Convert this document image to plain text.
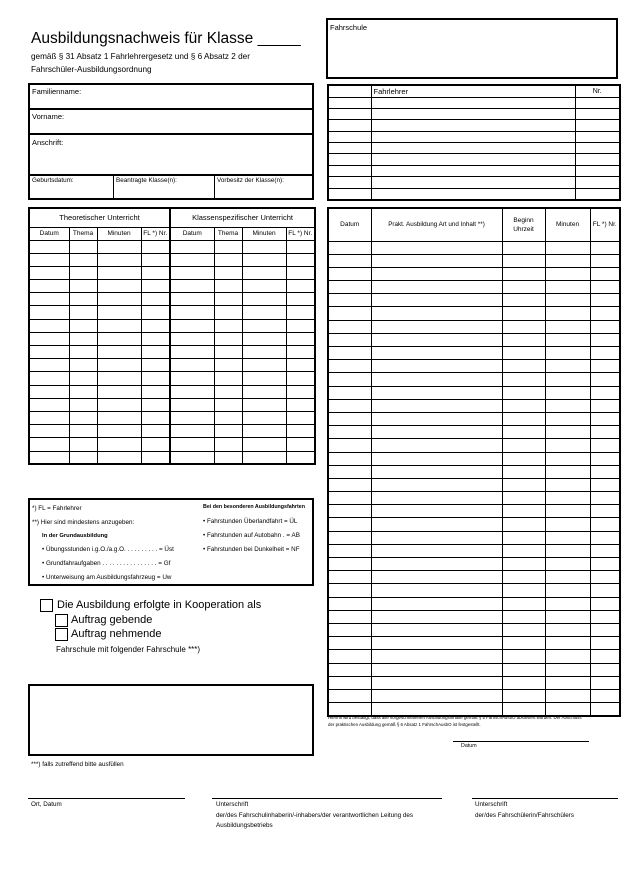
Ausbildungsnachweis für Klasse _____
gemäß § 31 Absatz 1 Fahrlehrergesetz und § 6 Absatz 2 der
Fahrschüler-Ausbildungsordnung
Fahrschule
Familienname:
Vorname:
Anschrift:
Geburtsdatum:	Beantragte Klasse(n):	Vorbesitz der Klasse(n):
	Fahrlehrer	Nr.

Theoretischer Unterricht				Klassenspezifischer Unterricht			
Datum	Thema	Minuten	FL *) Nr.	Datum	Thema	Minuten	FL *) Nr.

Datum	Prakt. Ausbildung Art und Inhalt **)	Beginn Uhrzeit	Minuten	FL *) Nr.

*) FL = Fahrlehrer
**) Hier sind mindestens anzugeben:
In der Grundausbildung
• Übungsstunden i.g.O./a.g.O. . . . . . . . . . = Üst
• Grundfahraufgaben . . . . . . . . . . . . . . . . = Gf
• Unterweisung am Ausbildungsfahrzeug = Uw
Bei den besonderen Ausbildungsfahrten
• Fahrstunden Überlandfahrt = ÜL
• Fahrstunden auf Autobahn . = AB
• Fahrstunden bei Dunkelheit = NF
Die Ausbildung erfolgte in Kooperation als
Auftrag gebende
Auftrag nehmende
Fahrschule mit folgender Fahrschule ***)
Hiermit wird bestätigt, dass alle vorgeschriebenen Ausbildungsinhalte gemäß § 5 FahrschAusbO absolviert wurden. Der Abschluss
der praktischen Ausbildung gemäß § 6 Absatz 1 FahrschAusbO ist festgestellt.
Datum
***) falls zutreffend bitte ausfüllen
Ort, Datum	Unterschrift
der/des Fahrschulinhaberin/-inhabers/der verantwortlichen Leitung des
Ausbildungsbetriebs
Unterschrift
der/des Fahrschülerin/Fahrschülers
